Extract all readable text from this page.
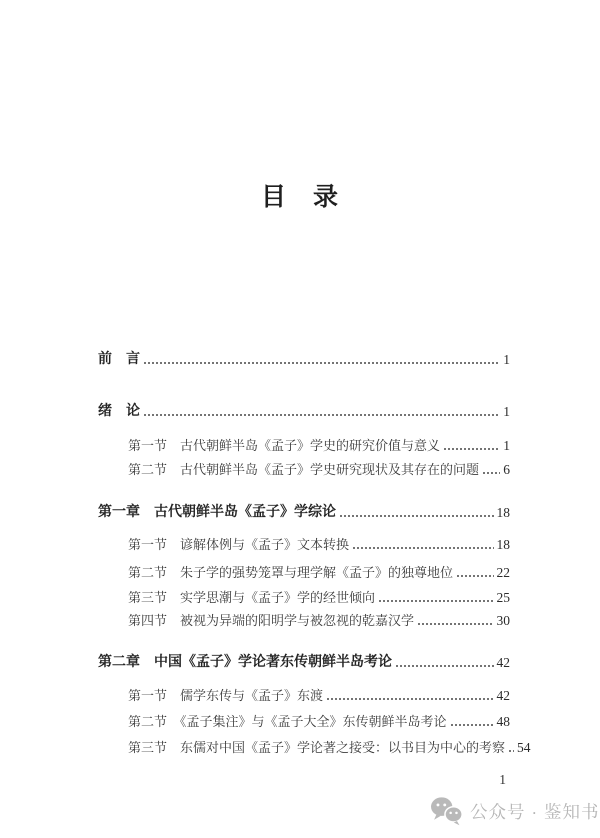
目　录
前　言	1
绪　论	1
第一节　古代朝鲜半岛《孟子》学史的研究价值与意义	1
第二节　古代朝鲜半岛《孟子》学史研究现状及其存在的问题 6
第一章　古代朝鲜半岛《孟子》学综论	18
第一节　谚解体例与《孟子》文本转换	18
第二节　朱子学的强势笼罩与理学解《孟子》的独尊地位	22
第三节　实学思潮与《孟子》学的经世倾向	25
第四节　被视为异端的阳明学与被忽视的乾嘉汉学	30
第二章　中国《孟子》学论著东传朝鲜半岛考论	42
第一节　儒学东传与《孟子》东渡	42
第二节　《孟子集注》与《孟子大全》东传朝鲜半岛考论	48
第三节　东儒对中国《孟子》学论著之接受：以书目为中心的考察 54
1
公众号 · 鉴知书
